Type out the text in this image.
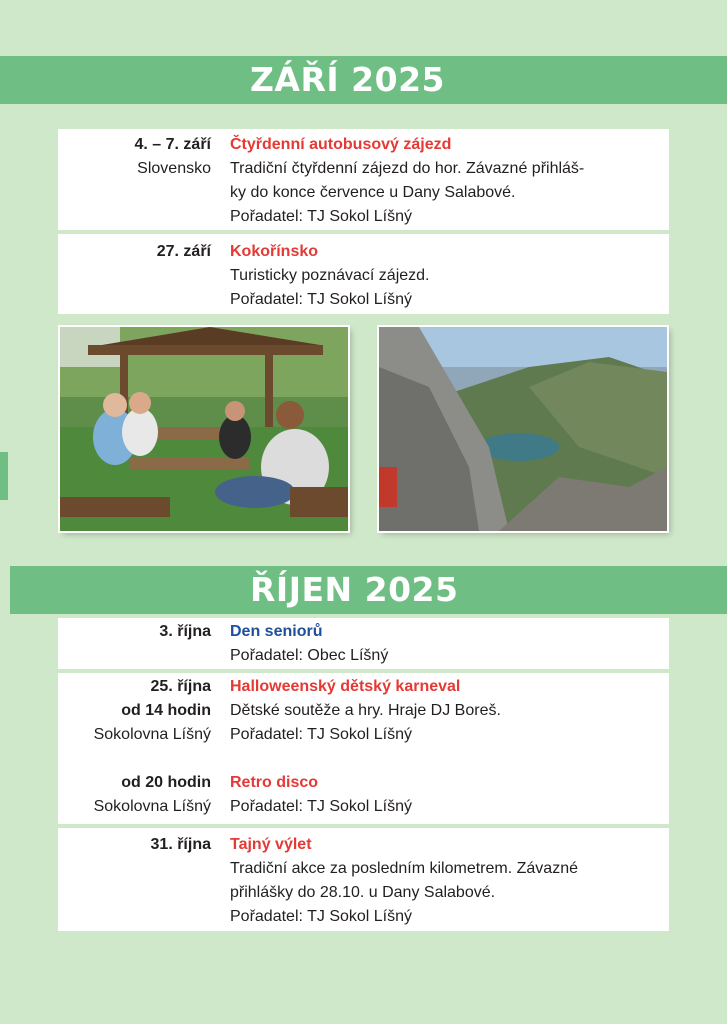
ZÁŘÍ 2025
4. – 7. září
Slovensko
Čtyřdenní autobusový zájezd
Tradiční čtyřdenní zájezd do hor. Závazné přihláš-
ky do konce července u Dany Salabové.
Pořadatel: TJ Sokol Líšný
27. září Kokořínsko
Turisticky poznávací zájezd.
Pořadatel: TJ Sokol Líšný
ŘÍJEN 2025
3. října Den seniorů
Pořadatel: Obec Líšný
25. října
od 14 hodin
Sokolovna Líšný
Halloweenský dětský karneval
Dětské soutěže a hry. Hraje DJ Boreš.
Pořadatel: TJ Sokol Líšný
od 20 hodin
Sokolovna Líšný
Retro disco
Pořadatel: TJ Sokol Líšný
31. října Tajný výlet
Tradiční akce za posledním kilometrem. Závazné
přihlášky do 28.10. u Dany Salabové.
Pořadatel: TJ Sokol Líšný
